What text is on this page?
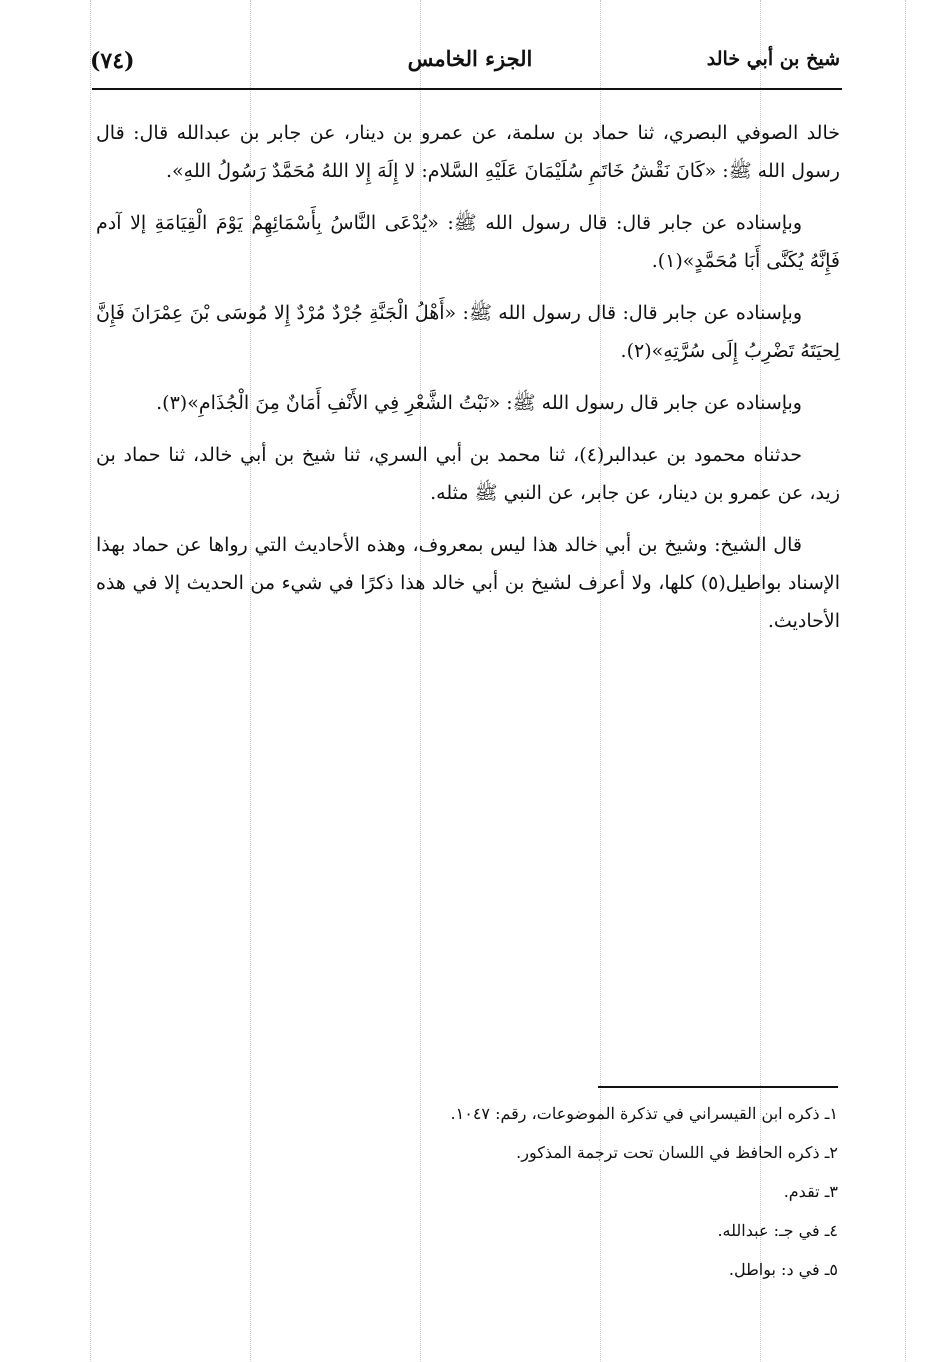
(٧٤)	الجزء الخامس	شيخ بن أبي خالد

خالد الصوفي البصري، ثنا حماد بن سلمة، عن عمرو بن دينار، عن جابر بن عبدالله قال: قال رسول الله ﷺ: «كَانَ نَقْشُ خَاتَمِ سُلَيْمَانَ عَلَيْهِ السَّلام: لا إِلَهَ إِلا اللهُ مُحَمَّدٌ رَسُولُ اللهِ».

وبإسناده عن جابر قال: قال رسول الله ﷺ: «يُدْعَى النَّاسُ بِأَسْمَائِهِمْ يَوْمَ الْقِيَامَةِ إلا آدم فَإِنَّهُ يُكَنَّى أَبَا مُحَمَّدٍ»(١).

وبإسناده عن جابر قال: قال رسول الله ﷺ: «أَهْلُ الْجَنَّةِ جُرْدٌ مُرْدٌ إِلا مُوسَى بْنَ عِمْرَانَ فَإِنَّ لِحيَتَهُ تَضْرِبُ إِلَى سُرَّتِهِ»(٢).

وبإسناده عن جابر قال رسول الله ﷺ: «نَبْتُ الشَّعْرِ فِي الأَنْفِ أَمَانٌ مِنَ الْجُذَامِ»(٣).

حدثناه محمود بن عبدالبر(٤)، ثنا محمد بن أبي السري، ثنا شيخ بن أبي خالد، ثنا حماد بن زيد، عن عمرو بن دينار، عن جابر، عن النبي ﷺ مثله.

قال الشيخ: وشيخ بن أبي خالد هذا ليس بمعروف، وهذه الأحاديث التي رواها عن حماد بهذا الإسناد بواطيل(٥) كلها، ولا أعرف لشيخ بن أبي خالد هذا ذكرًا في شيء من الحديث إلا في هذه الأحاديث.

١ـ ذكره ابن القيسراني في تذكرة الموضوعات، رقم: ١٠٤٧.

٢ـ ذكره الحافظ في اللسان تحت ترجمة المذكور.

٣ـ تقدم.

٤ـ في جـ: عبدالله.

٥ـ في د: بواطل.
